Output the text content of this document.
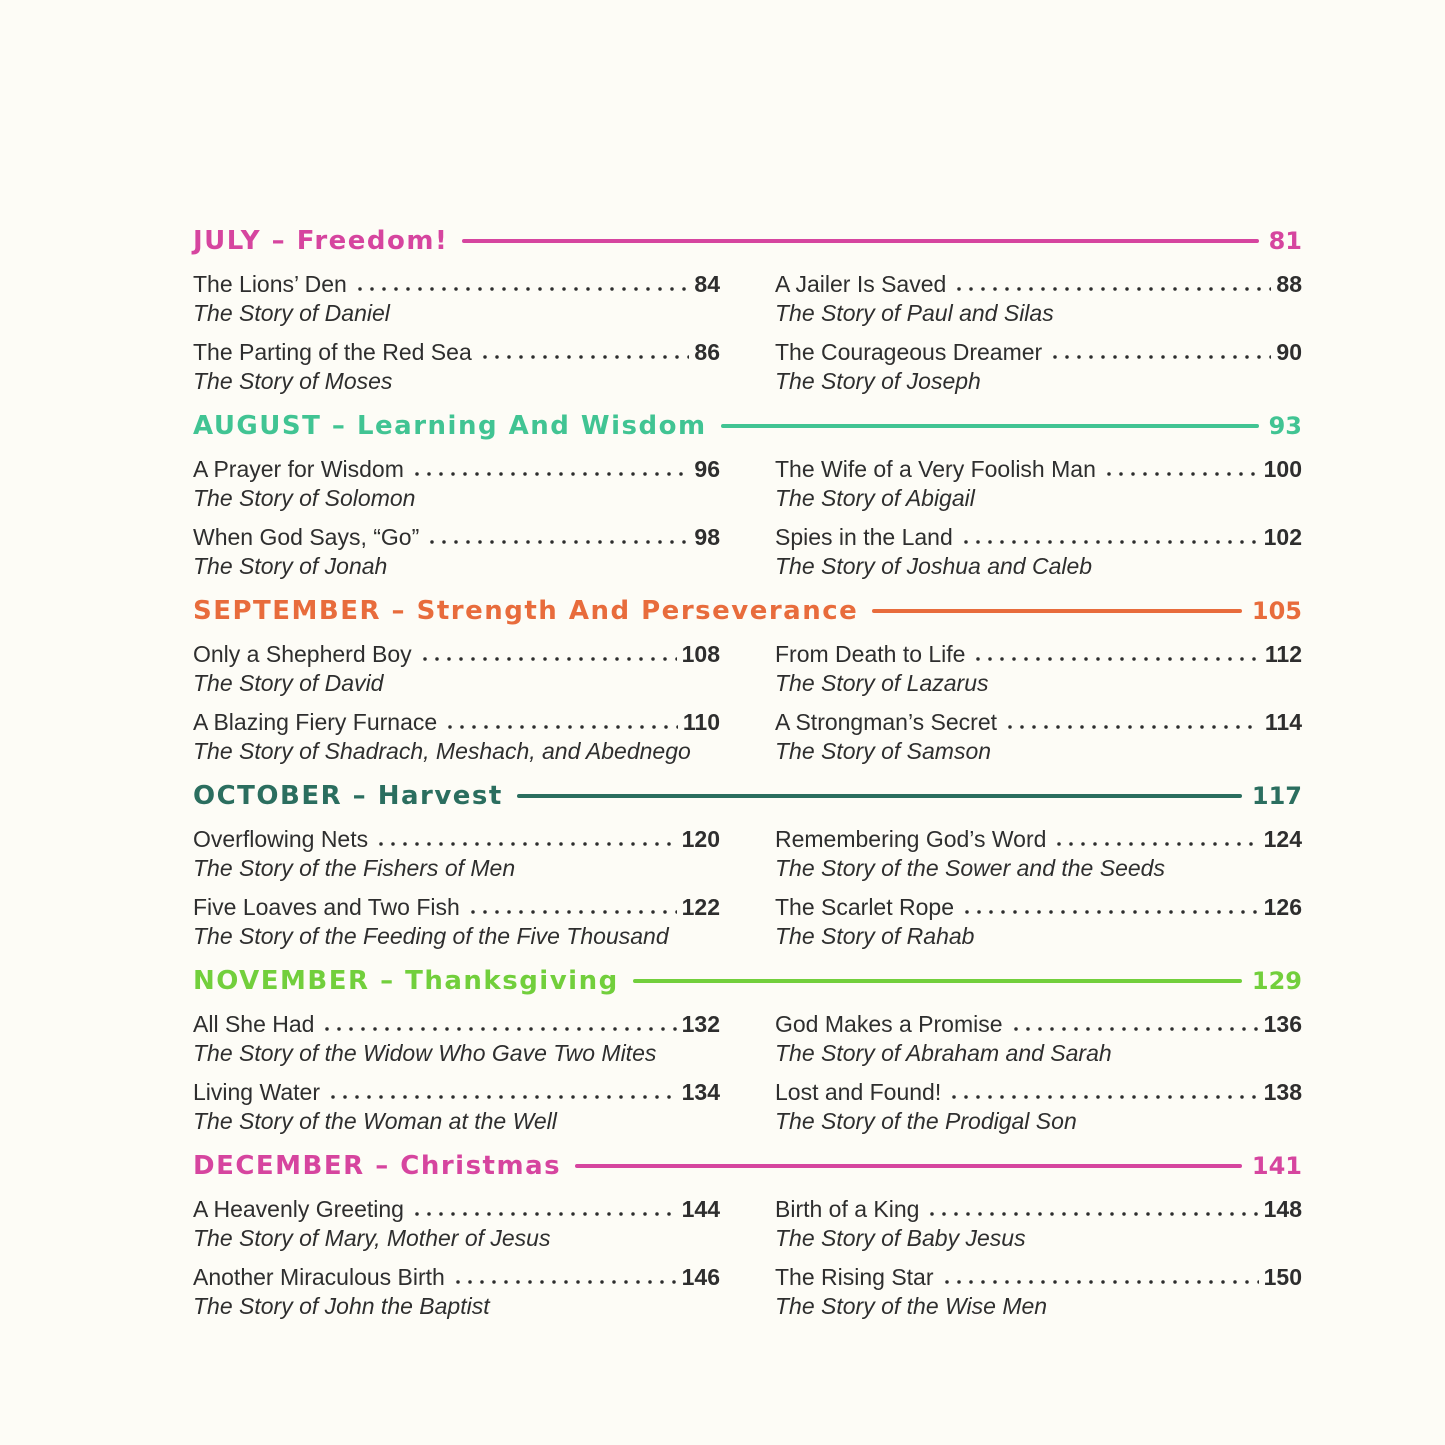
JULY – Freedom!	81
The Lions’ Den	84
The Story of Daniel
A Jailer Is Saved	88
The Story of Paul and Silas
The Parting of the Red Sea	86
The Story of Moses
The Courageous Dreamer	90
The Story of Joseph
AUGUST – Learning And Wisdom	93
A Prayer for Wisdom	96
The Story of Solomon
The Wife of a Very Foolish Man	100
The Story of Abigail
When God Says, “Go”	98
The Story of Jonah
Spies in the Land	102
The Story of Joshua and Caleb
SEPTEMBER – Strength And Perseverance	105
Only a Shepherd Boy	108
The Story of David
From Death to Life	112
The Story of Lazarus
A Blazing Fiery Furnace	110
The Story of Shadrach, Meshach, and Abednego
A Strongman’s Secret	114
The Story of Samson
OCTOBER – Harvest	117
Overflowing Nets	120
The Story of the Fishers of Men
Remembering God’s Word	124
The Story of the Sower and the Seeds
Five Loaves and Two Fish	122
The Story of the Feeding of the Five Thousand
The Scarlet Rope	126
The Story of Rahab
NOVEMBER – Thanksgiving	129
All She Had	132
The Story of the Widow Who Gave Two Mites
God Makes a Promise	136
The Story of Abraham and Sarah
Living Water	134
The Story of the Woman at the Well
Lost and Found!	138
The Story of the Prodigal Son
DECEMBER – Christmas	141
A Heavenly Greeting	144
The Story of Mary, Mother of Jesus
Birth of a King	148
The Story of Baby Jesus
Another Miraculous Birth	146
The Story of John the Baptist
The Rising Star	150
The Story of the Wise Men
